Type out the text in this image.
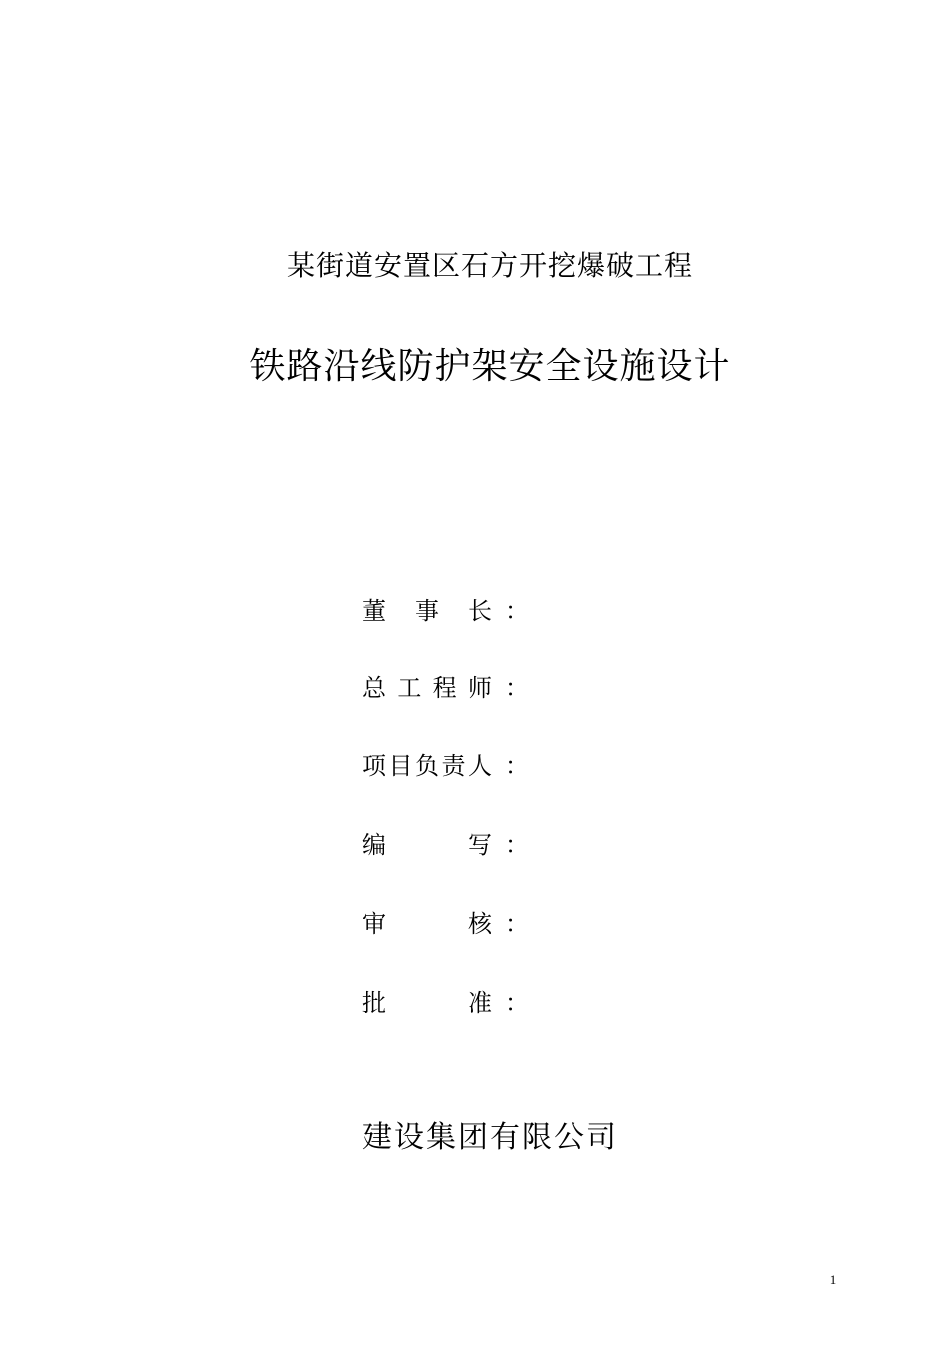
某街道安置区石方开挖爆破工程
铁路沿线防护架安全设施设计
董 事 长 ：
总 工 程 师 ：
项 目 负 责 人 ：
编	写 ：
审	核 ：
批	准 ：
建设集团有限公司
1
